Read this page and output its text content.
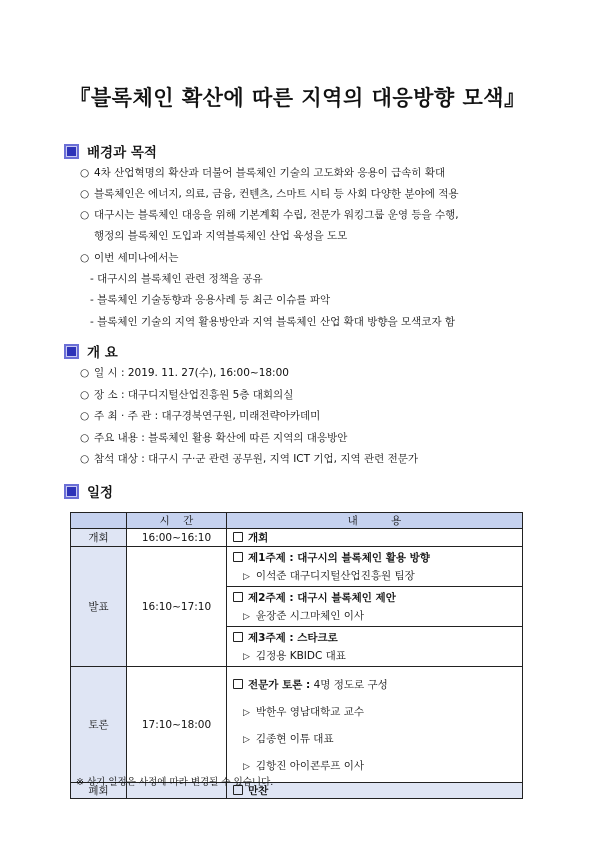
『블록체인 확산에 따른 지역의 대응방향 모색』
배경과 목적
○ 4차 산업혁명의 확산과 더불어 블록체인 기술의 고도화와 응용이 급속히 확대
○ 블록체인은 에너지, 의료, 금융, 컨텐츠, 스마트 시티 등 사회 다양한 분야에 적용
○ 대구시는 블록체인 대응을 위해 기본계획 수립, 전문가 워킹그룹 운영 등을 수행,
행정의 블록체인 도입과 지역블록체인 산업 육성을 도모
○ 이번 세미나에서는
- 대구시의 블록체인 관련 정책을 공유
- 블록체인 기술동향과 응용사례 등 최근 이슈를 파악
- 블록체인 기술의 지역 활용방안과 지역 블록체인 산업 확대 방향을 모색코자 함
개 요
○ 일 시 : 2019. 11. 27(수), 16:00~18:00
○ 장 소 : 대구디지털산업진흥원 5층 대회의실
○ 주 최 · 주 관 : 대구경북연구원, 미래전략아카데미
○ 주요 내용 : 블록체인 활용 확산에 따른 지역의 대응방안
○ 참석 대상 : 대구시 구·군 관련 공무원, 지역 ICT 기업, 지역 관련 전문가
일정
	시    간	내          용
개회	16:00~16:10	개회

발표	16:10~17:10	제1주제 : 대구시의 블록체인 활용 방향
▷ 이석준 대구디지털산업진흥원 팀장

		제2주제 : 대구시 블록체인 제안
▷ 윤장준 시그마체인 이사

		제3주제 : 스타크로
▷ 김정용 KBIDC 대표

토론	17:10~18:00	전문가 토론 : 4명 정도로 구성
▷ 박한우 영남대학교 교수
▷ 김종현 이튜 대표
▷ 김항진 아이콘루프 이사

폐회		만찬
※ 상기 일정은 사정에 따라 변경될 수 있습니다.
